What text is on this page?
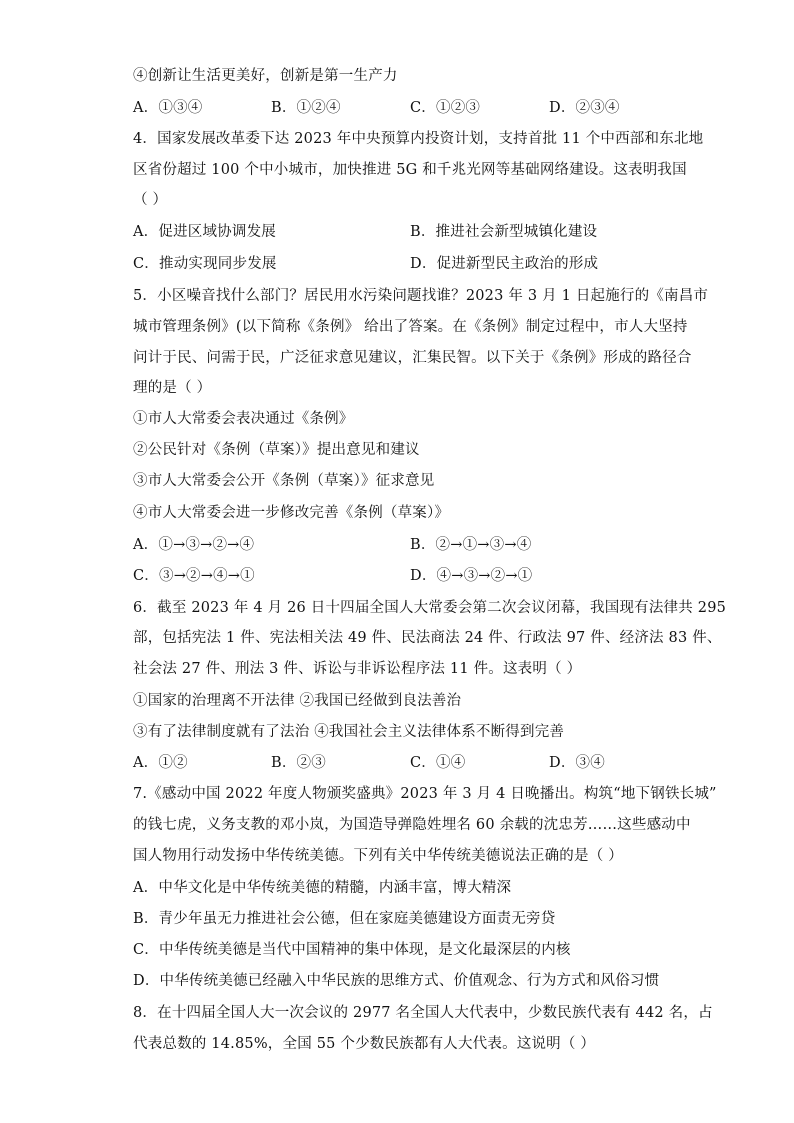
④创新让生活更美好，创新是第一生产力
A．①③④	B．①②④	C．①②③	D．②③④
4．国家发展改革委下达 2023 年中央预算内投资计划，支持首批 11 个中西部和东北地
区省份超过 100 个中小城市，加快推进 5G 和千兆光网等基础网络建设。这表明我国
（ ）
A．促进区域协调发展	B．推进社会新型城镇化建设
C．推动实现同步发展	D．促进新型民主政治的形成
5．小区噪音找什么部门？居民用水污染问题找谁？2023 年 3 月 1 日起施行的《南昌市
城市管理条例》(以下简称《条例》 给出了答案。在《条例》制定过程中，市人大坚持
问计于民、问需于民，广泛征求意见建议，汇集民智。以下关于《条例》形成的路径合
理的是（ ）
①市人大常委会表决通过《条例》
②公民针对《条例（草案）》提出意见和建议
③市人大常委会公开《条例（草案）》征求意见
④市人大常委会进一步修改完善《条例（草案）》
A．①→③→②→④	B．②→①→③→④
C．③→②→④→①	D．④→③→②→①
6．截至 2023 年 4 月 26 日十四届全国人大常委会第二次会议闭幕，我国现有法律共 295
部，包括宪法 1 件、宪法相关法 49 件、民法商法 24 件、行政法 97 件、经济法 83 件、
社会法 27 件、刑法 3 件、诉讼与非诉讼程序法 11 件。这表明（ ）
①国家的治理离不开法律 ②我国已经做到良法善治
③有了法律制度就有了法治 ④我国社会主义法律体系不断得到完善
A．①②	B．②③	C．①④	D．③④
7.《感动中国 2022 年度人物颁奖盛典》2023 年 3 月 4 日晚播出。构筑“地下钢铁长城”
的钱七虎，义务支教的邓小岚，为国造导弹隐姓埋名 60 余载的沈忠芳……这些感动中
国人物用行动发扬中华传统美德。下列有关中华传统美德说法正确的是（ ）
A．中华文化是中华传统美德的精髓，内涵丰富，博大精深
B．青少年虽无力推进社会公德，但在家庭美德建设方面责无旁贷
C．中华传统美德是当代中国精神的集中体现，是文化最深层的内核
D．中华传统美德已经融入中华民族的思维方式、价值观念、行为方式和风俗习惯
8．在十四届全国人大一次会议的 2977 名全国人大代表中，少数民族代表有 442 名，占
代表总数的 14.85%，全国 55 个少数民族都有人大代表。这说明（ ）
